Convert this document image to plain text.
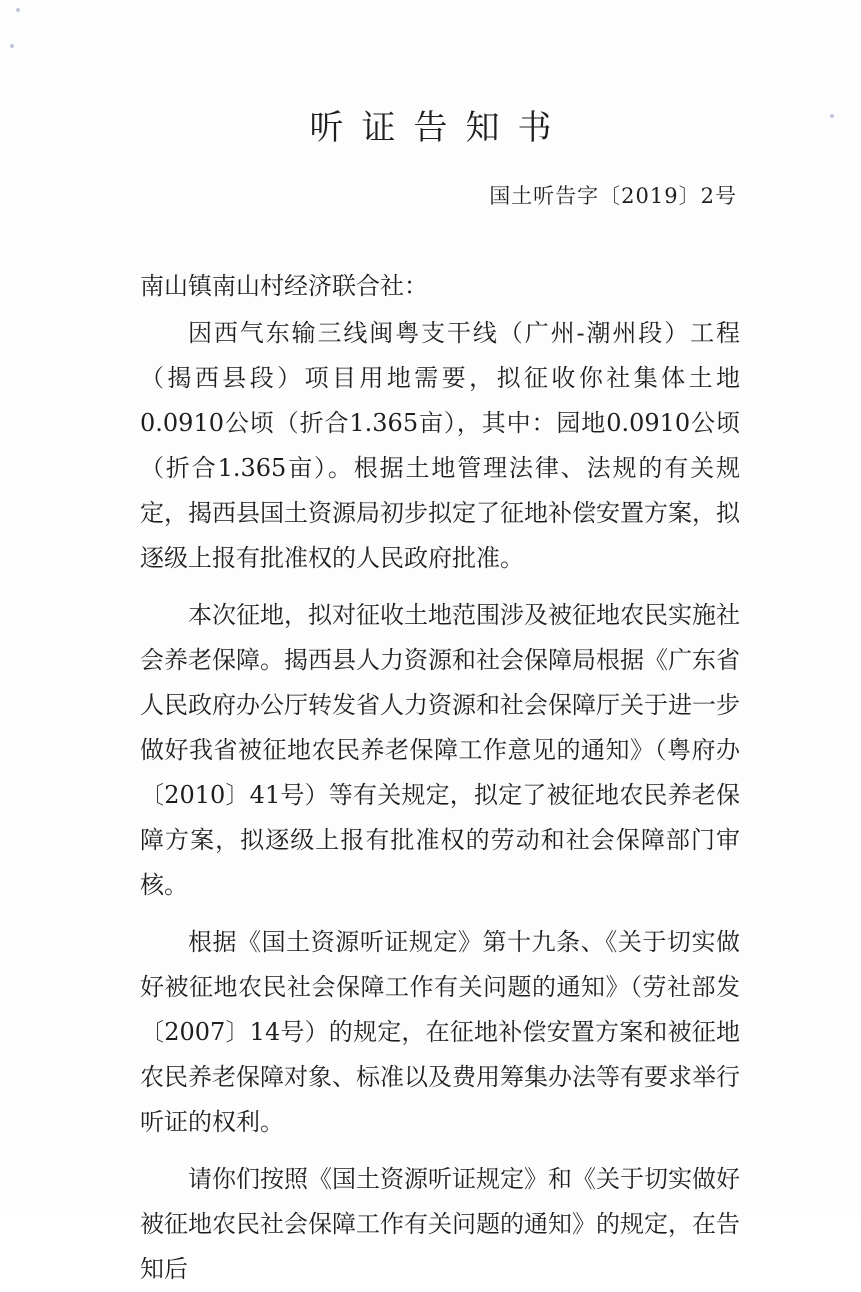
听证告知书
国土听告字〔2019〕2号

南山镇南山村经济联合社：

因西气东输三线闽粤支干线（广州-潮州段）工程（揭西县段）项目用地需要，拟征收你社集体土地0.0910公顷（折合1.365亩），其中：园地0.0910公顷（折合1.365亩）。根据土地管理法律、法规的有关规定，揭西县国土资源局初步拟定了征地补偿安置方案，拟逐级上报有批准权的人民政府批准。

本次征地，拟对征收土地范围涉及被征地农民实施社会养老保障。揭西县人力资源和社会保障局根据《广东省人民政府办公厅转发省人力资源和社会保障厅关于进一步做好我省被征地农民养老保障工作意见的通知》（粤府办〔2010〕41号）等有关规定，拟定了被征地农民养老保障方案，拟逐级上报有批准权的劳动和社会保障部门审核。

根据《国土资源听证规定》第十九条、《关于切实做好被征地农民社会保障工作有关问题的通知》（劳社部发〔2007〕14号）的规定，在征地补偿安置方案和被征地农民养老保障对象、标准以及费用筹集办法等有要求举行听证的权利。

请你们按照《国土资源听证规定》和《关于切实做好被征地农民社会保障工作有关问题的通知》的规定，在告知后
